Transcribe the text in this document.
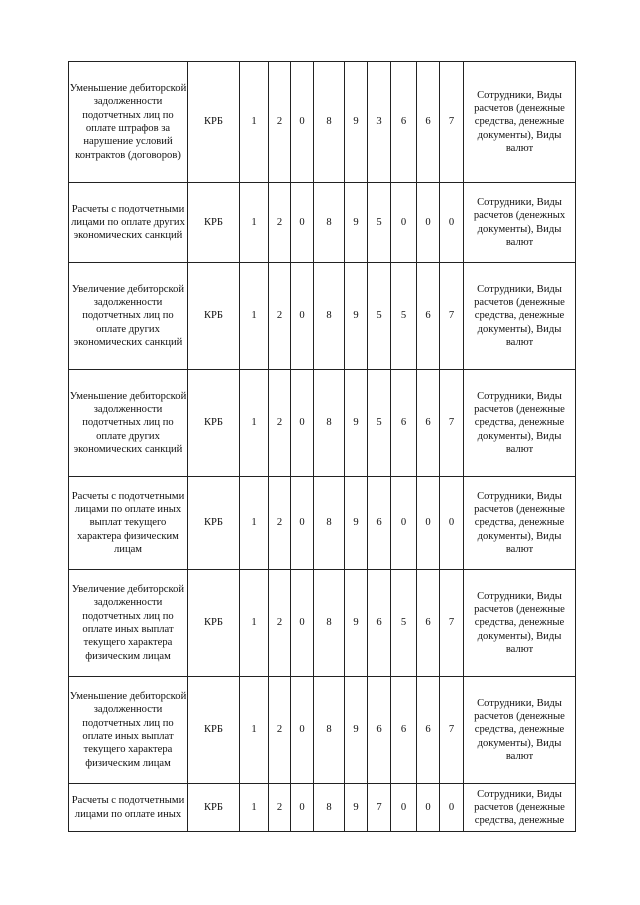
Уменьшение дебиторской задолженности подотчетных лиц по оплате штрафов за нарушение условий контрактов (договоров)	КРБ	1	2	0	8	9	3	6	6	7	Сотрудники, Виды расчетов (денежные средства, денежные документы), Виды валют

Расчеты с подотчетными лицами по оплате других экономических санкций	КРБ	1	2	0	8	9	5	0	0	0	Сотрудники, Виды расчетов (денежных документы), Виды валют

Увеличение дебиторской задолженности подотчетных лиц по оплате других экономических санкций	КРБ	1	2	0	8	9	5	5	6	7	Сотрудники, Виды расчетов (денежные средства, денежные документы), Виды валют

Уменьшение дебиторской задолженности подотчетных лиц по оплате других экономических санкций	КРБ	1	2	0	8	9	5	6	6	7	Сотрудники, Виды расчетов (денежные средства, денежные документы), Виды валют

Расчеты с подотчетными лицами по оплате иных выплат текущего характера физическим лицам	КРБ	1	2	0	8	9	6	0	0	0	Сотрудники, Виды расчетов (денежные средства, денежные документы), Виды валют

Увеличение дебиторской задолженности подотчетных лиц по оплате иных выплат текущего характера физическим лицам	КРБ	1	2	0	8	9	6	5	6	7	Сотрудники, Виды расчетов (денежные средства, денежные документы), Виды валют

Уменьшение дебиторской задолженности подотчетных лиц по оплате иных выплат текущего характера физическим лицам	КРБ	1	2	0	8	9	6	6	6	7	Сотрудники, Виды расчетов (денежные средства, денежные документы), Виды валют

Расчеты с подотчетными лицами по оплате иных	КРБ	1	2	0	8	9	7	0	0	0	Сотрудники, Виды расчетов (денежные средства, денежные
